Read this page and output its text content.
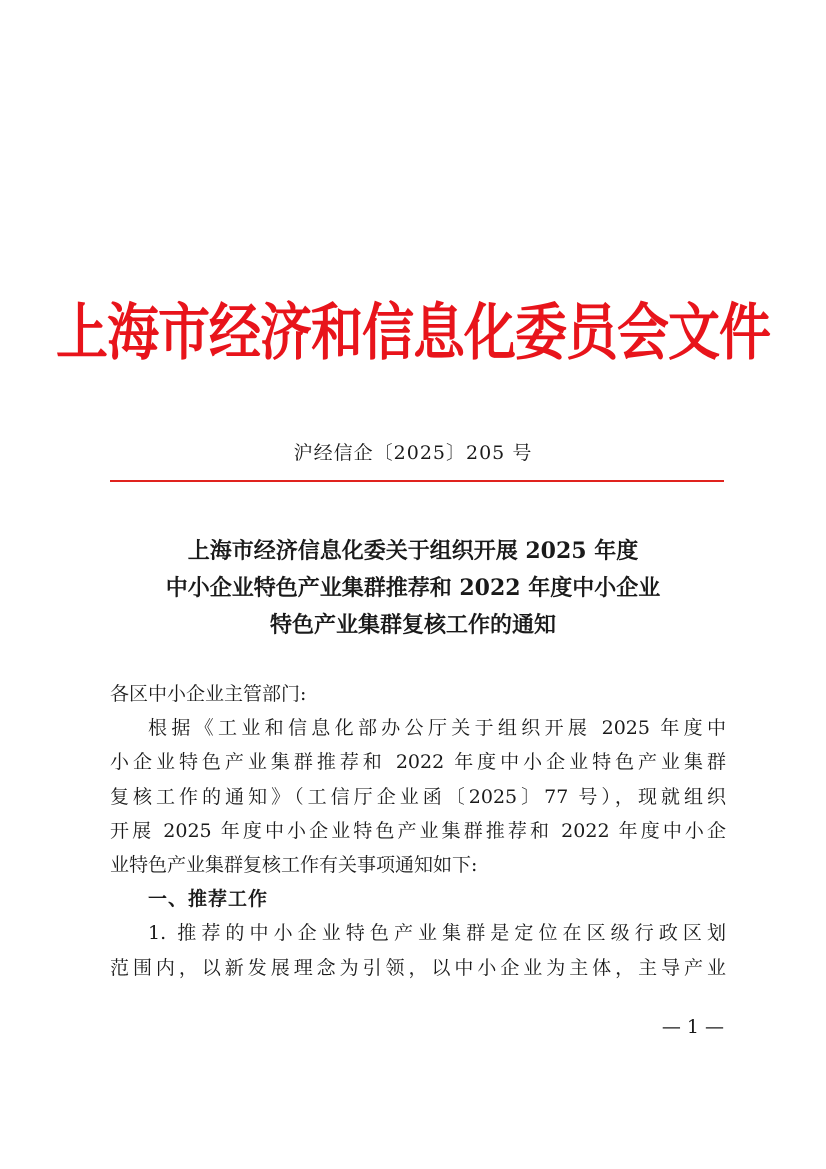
上海市经济和信息化委员会文件
沪经信企〔2025〕205 号
上海市经济信息化委关于组织开展 2025 年度
中小企业特色产业集群推荐和 2022 年度中小企业
特色产业集群复核工作的通知
各区中小企业主管部门:
根据《工业和信息化部办公厅关于组织开展 2025 年度中
小企业特色产业集群推荐和 2022 年度中小企业特色产业集群
复核工作的通知》（工信厅企业函〔2025〕77 号），现就组织
开展 2025 年度中小企业特色产业集群推荐和 2022 年度中小企
业特色产业集群复核工作有关事项通知如下:
一、推荐工作
1. 推荐的中小企业特色产业集群是定位在区级行政区划
范围内，以新发展理念为引领，以中小企业为主体，主导产业
— 1 —
